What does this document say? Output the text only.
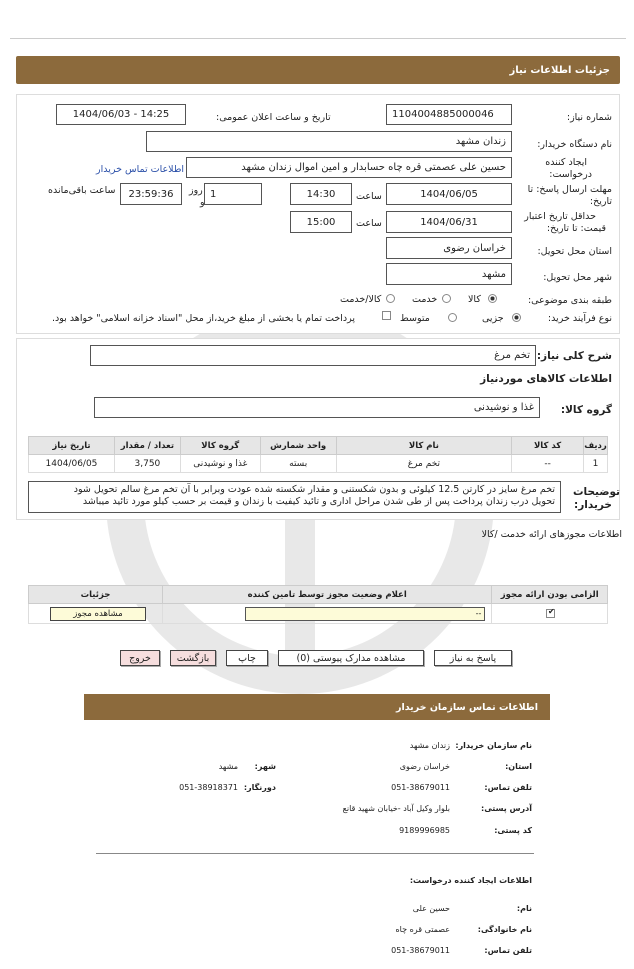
جزئیات اطلاعات نیاز
شماره نیاز:
1104004885000046
تاریخ و ساعت اعلان عمومی:
1404/06/03 - 14:25
نام دستگاه خریدار:
زندان مشهد
ایجاد کننده
درخواست:
حسین علی عصمتی قره چاه حسابدار و امین اموال زندان مشهد
اطلاعات تماس خریدار
مهلت ارسال پاسخ: تا
تاریخ:
1404/06/05
ساعت
14:30
1
روز
و
23:59:36
ساعت باقی‌مانده
حداقل تاریخ اعتبار
قیمت: تا تاریخ:
1404/06/31
ساعت
15:00
استان محل تحویل:
خراسان رضوی
شهر محل تحویل:
مشهد
طبقه بندی موضوعی:
کالا
خدمت
کالا/خدمت
نوع فرآیند خرید:
جزیی
متوسط
پرداخت تمام یا بخشی از مبلغ خرید،از محل "اسناد خزانه اسلامی" خواهد بود.
شرح کلی نیاز:
تخم مرغ
اطلاعات کالاهای موردنیاز
گروه کالا:
غذا و نوشیدنی
ردیف	کد کالا	نام کالا	واحد شمارش	گروه کالا	تعداد / مقدار	تاریخ نیاز
1	--	تخم مرغ	بسته	غذا و نوشیدنی	3,750	1404/06/05
توضیحات
خریدار:
تخم مرغ سایز در کارتن 12.5 کیلوئی و بدون شکستنی و مقدار شکسته شده عودت وبرابر با آن تخم مرغ سالم تحویل شود
تحویل درب زندان پرداخت پس از طی شدن مراحل اداری و تائید کیفیت با زندان و قیمت بر حسب کیلو مورد تائید میباشد
اطلاعات مجوزهای ارائه خدمت /کالا
الزامی بودن ارائه مجوز	اعلام وضعیت مجوز توسط تامین کننده	جزئیات

✔	--	مشاهده مجوز
پاسخ به نیاز
مشاهده مدارک پیوستی (0)
چاپ
بازگشت
خروج
اطلاعات تماس سازمان خریدار
نام سازمان خریدار:
زندان مشهد
استان:
خراسان رضوی
شهر:
مشهد
تلفن تماس:
051-38679011
دورنگار:
051-38918371
آدرس پستی:
بلوار وکیل آباد -خیابان شهید قانع
کد پستی:
9189996985
اطلاعات ایجاد کننده درخواست:
نام:
حسین علی
نام خانوادگی:
عصمتی قره چاه
تلفن تماس:
051-38679011
